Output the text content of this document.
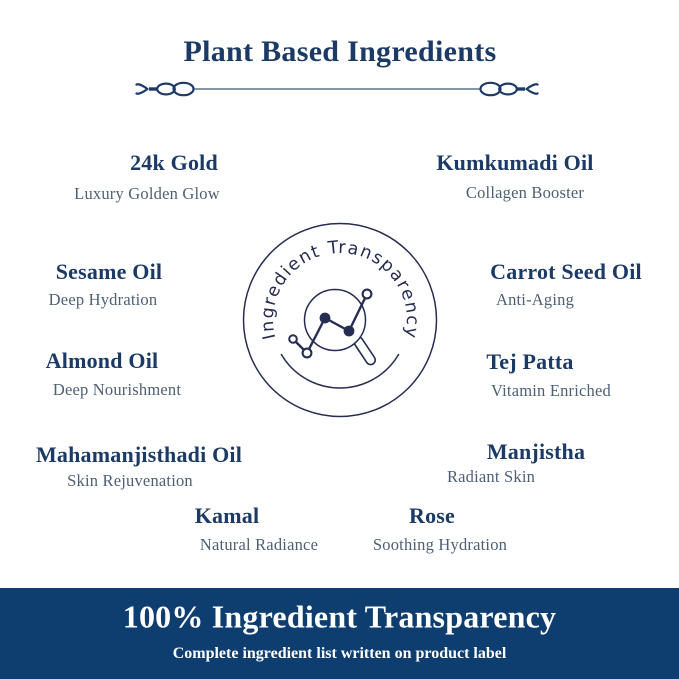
Plant Based Ingredients
24k Gold
Luxury Golden Glow
Kumkumadi Oil
Collagen Booster
Sesame Oil
Deep Hydration
Carrot Seed Oil
Anti-Aging
Almond Oil
Deep Nourishment
Tej Patta
Vitamin Enriched
Mahamanjisthadi Oil
Skin Rejuvenation
Manjistha
Radiant Skin
Kamal
Natural Radiance
Rose
Soothing Hydration
Ingredient Transparency
100% Ingredient Transparency
Complete ingredient list written on product label
